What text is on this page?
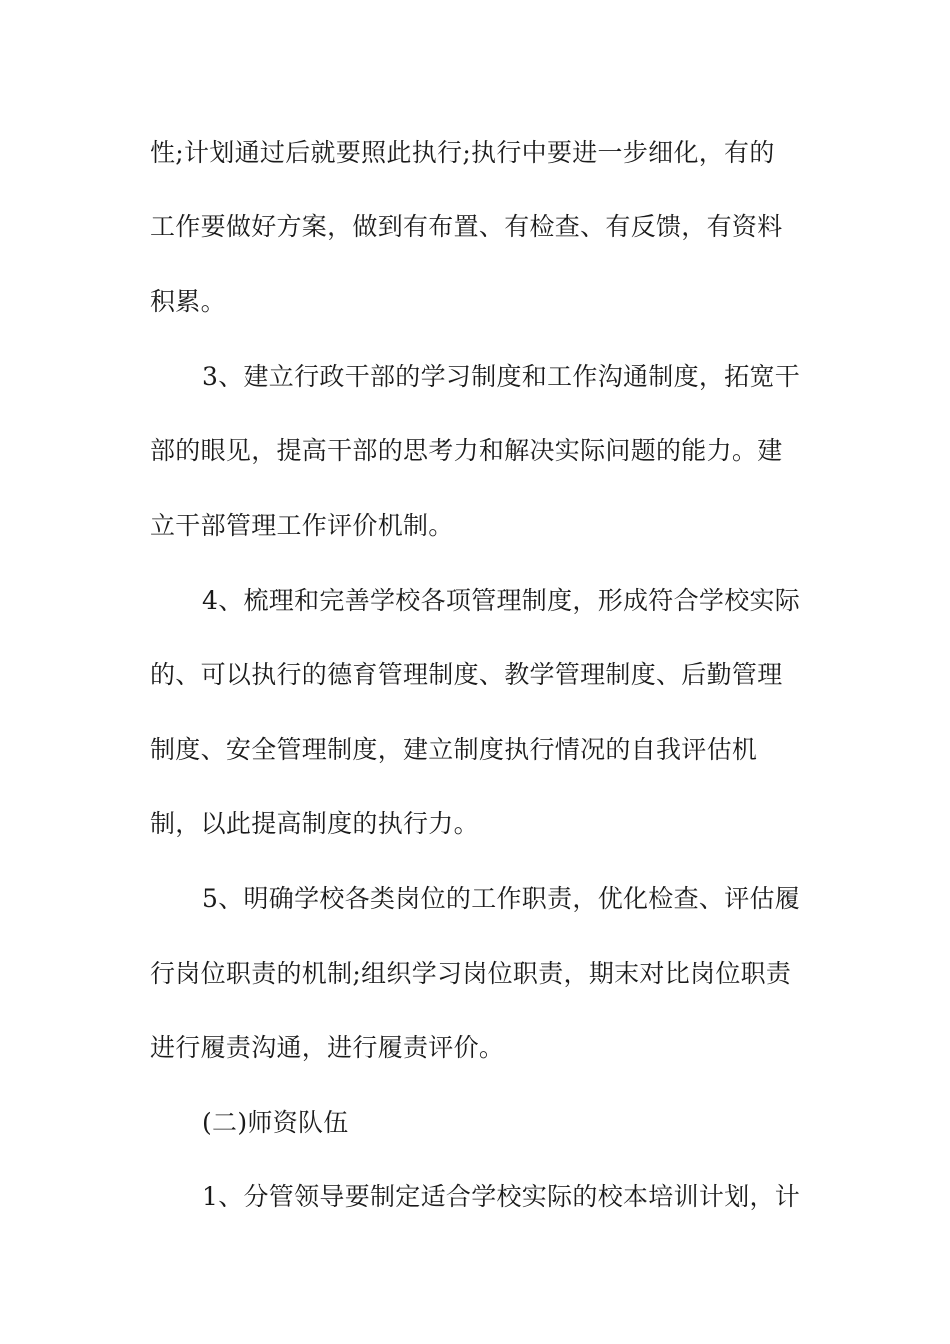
性;计划通过后就要照此执行;执行中要进一步细化，有的
工作要做好方案，做到有布置、有检查、有反馈，有资料
积累。
3、建立行政干部的学习制度和工作沟通制度，拓宽干
部的眼见，提高干部的思考力和解决实际问题的能力。建
立干部管理工作评价机制。
4、梳理和完善学校各项管理制度，形成符合学校实际
的、可以执行的德育管理制度、教学管理制度、后勤管理
制度、安全管理制度，建立制度执行情况的自我评估机
制，以此提高制度的执行力。
5、明确学校各类岗位的工作职责，优化检查、评估履
行岗位职责的机制;组织学习岗位职责，期末对比岗位职责
进行履责沟通，进行履责评价。
(二)师资队伍
1、分管领导要制定适合学校实际的校本培训计划，计
